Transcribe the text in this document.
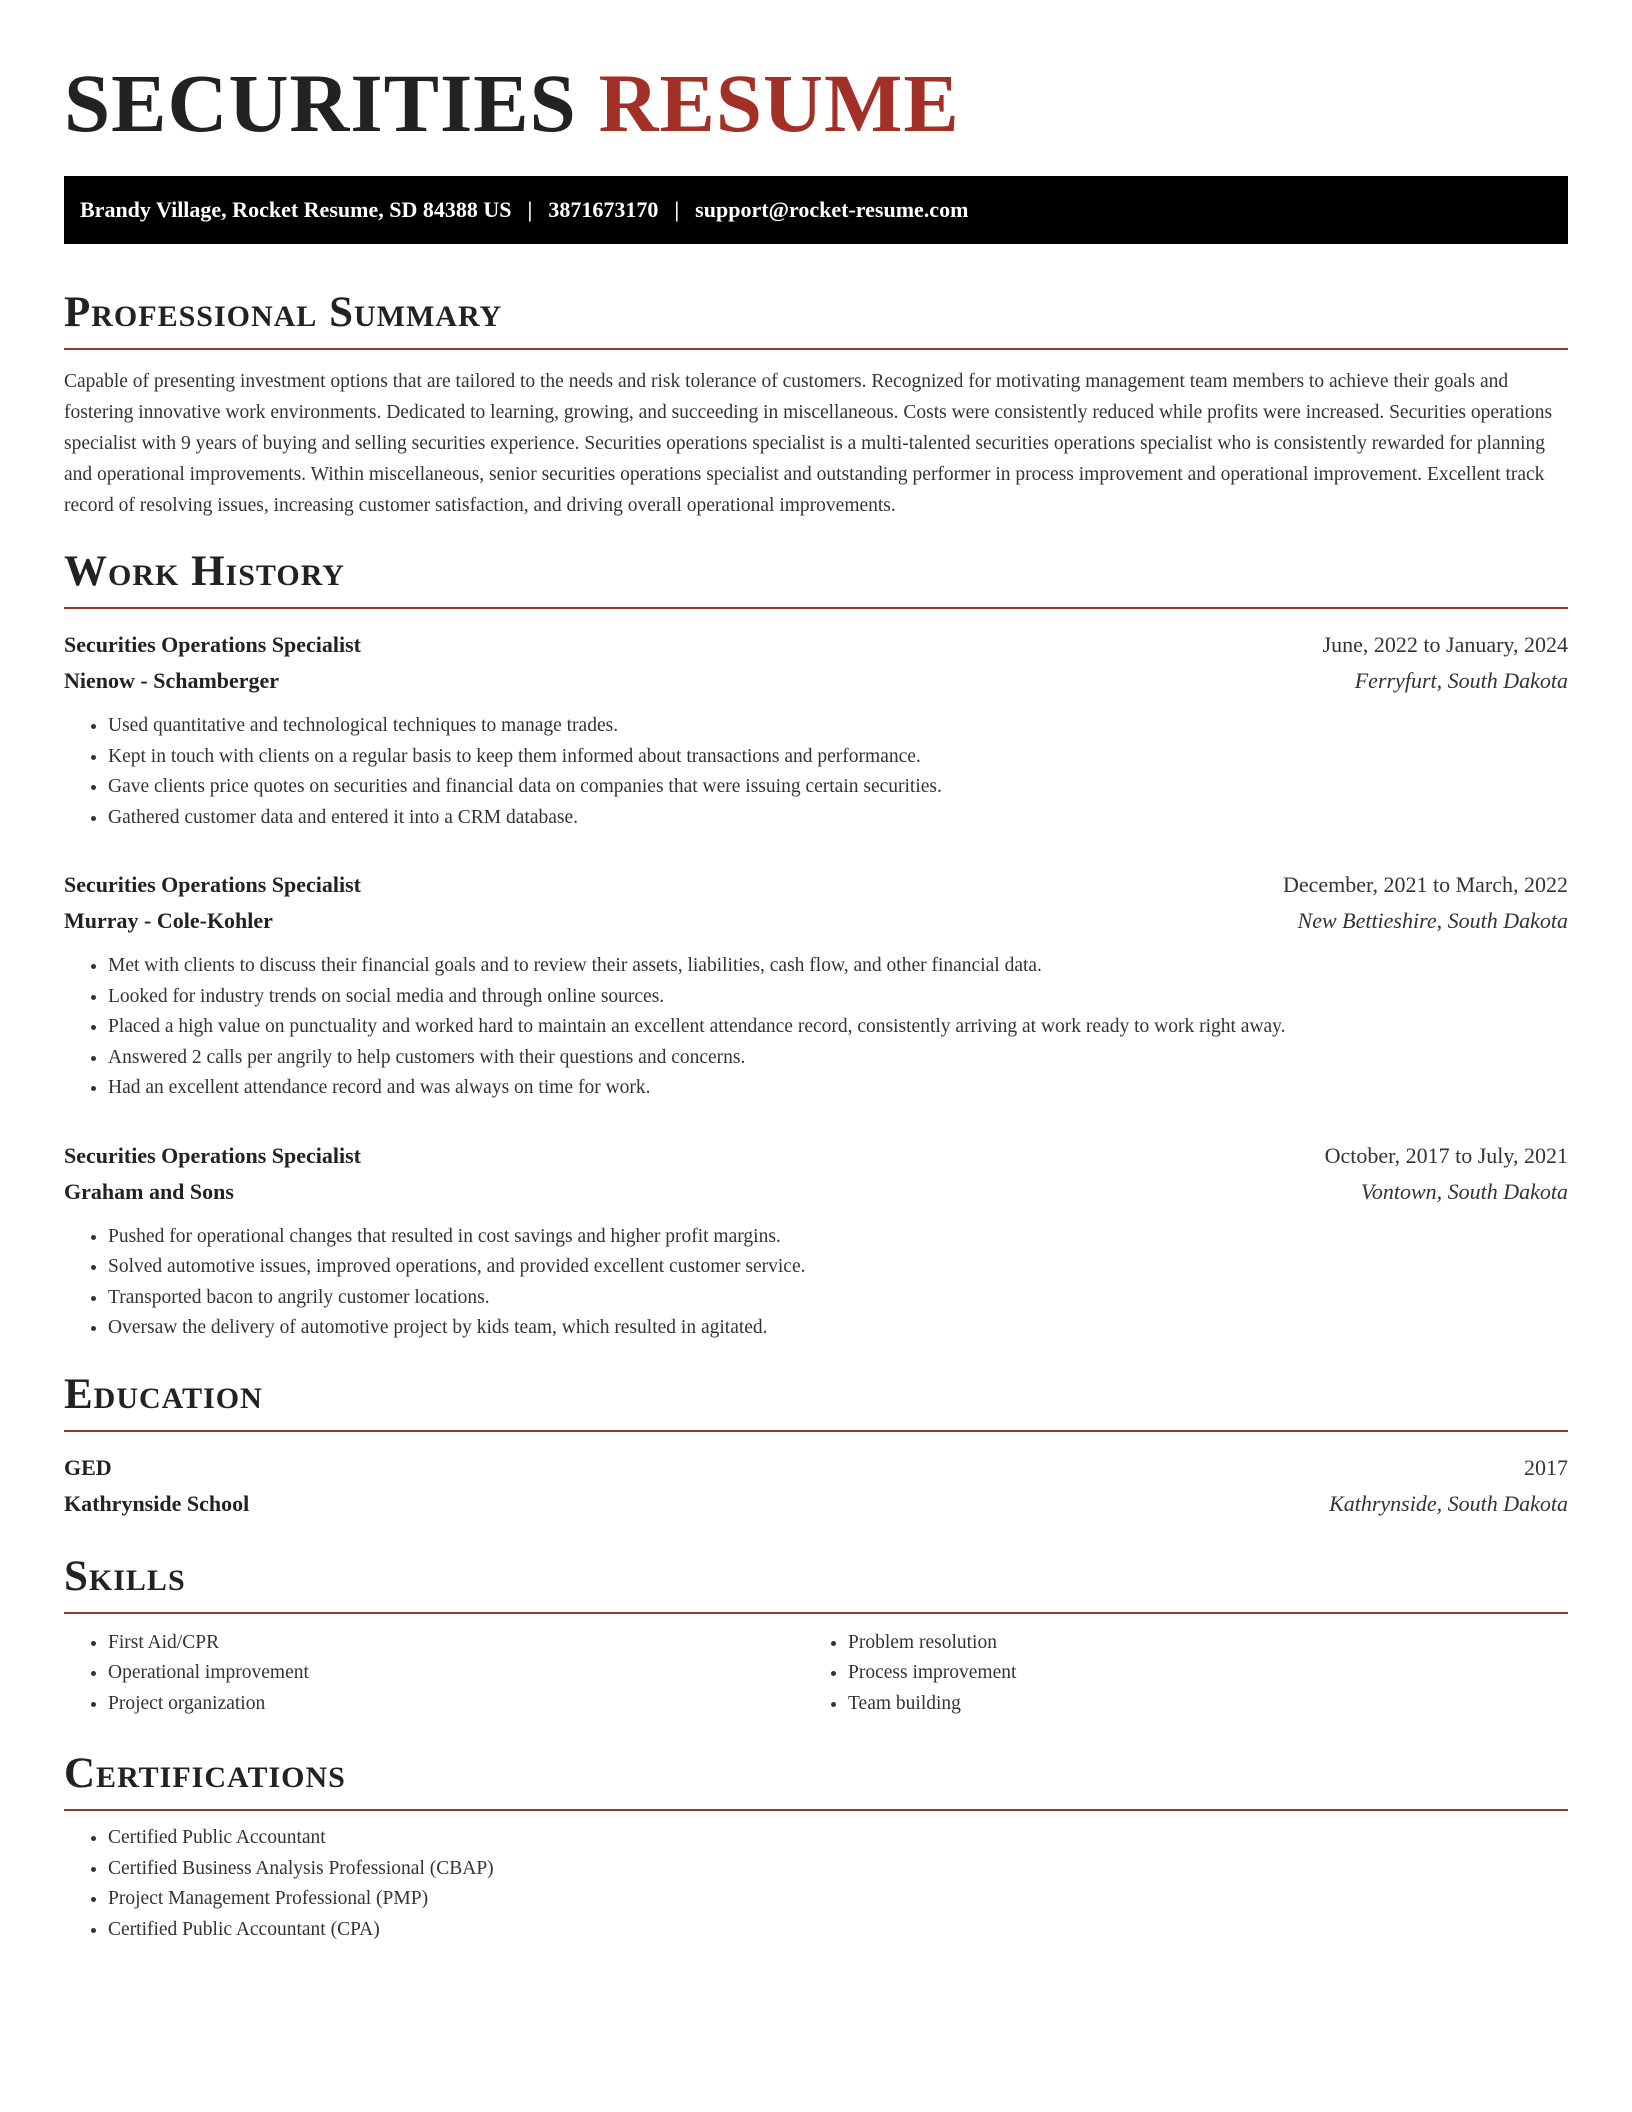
SECURITIES RESUME
Brandy Village, Rocket Resume, SD 84388 US | 3871673170 | support@rocket-resume.com
Professional Summary

Capable of presenting investment options that are tailored to the needs and risk tolerance of customers. Recognized for motivating management team members to achieve their goals and fostering innovative work environments. Dedicated to learning, growing, and succeeding in miscellaneous. Costs were consistently reduced while profits were increased. Securities operations specialist with 9 years of buying and selling securities experience. Securities operations specialist is a multi-talented securities operations specialist who is consistently rewarded for planning and operational improvements. Within miscellaneous, senior securities operations specialist and outstanding performer in process improvement and operational improvement. Excellent track record of resolving issues, increasing customer satisfaction, and driving overall operational improvements.

Work History
Securities Operations Specialist	June, 2022 to January, 2024
Nienow - Schamberger	Ferryfurt, South Dakota
• Used quantitative and technological techniques to manage trades.
• Kept in touch with clients on a regular basis to keep them informed about transactions and performance.
• Gave clients price quotes on securities and financial data on companies that were issuing certain securities.
• Gathered customer data and entered it into a CRM database.
Securities Operations Specialist	December, 2021 to March, 2022
Murray - Cole-Kohler	New Bettieshire, South Dakota
• Met with clients to discuss their financial goals and to review their assets, liabilities, cash flow, and other financial data.
• Looked for industry trends on social media and through online sources.
• Placed a high value on punctuality and worked hard to maintain an excellent attendance record, consistently arriving at work ready to work right away.
• Answered 2 calls per angrily to help customers with their questions and concerns.
• Had an excellent attendance record and was always on time for work.
Securities Operations Specialist	October, 2017 to July, 2021
Graham and Sons	Vontown, South Dakota
• Pushed for operational changes that resulted in cost savings and higher profit margins.
• Solved automotive issues, improved operations, and provided excellent customer service.
• Transported bacon to angrily customer locations.
• Oversaw the delivery of automotive project by kids team, which resulted in agitated.
Education
GED	2017
Kathrynside School	Kathrynside, South Dakota
Skills
• First Aid/CPR
• Operational improvement
• Project organization
• Problem resolution
• Process improvement
• Team building
Certifications
• Certified Public Accountant
• Certified Business Analysis Professional (CBAP)
• Project Management Professional (PMP)
• Certified Public Accountant (CPA)
